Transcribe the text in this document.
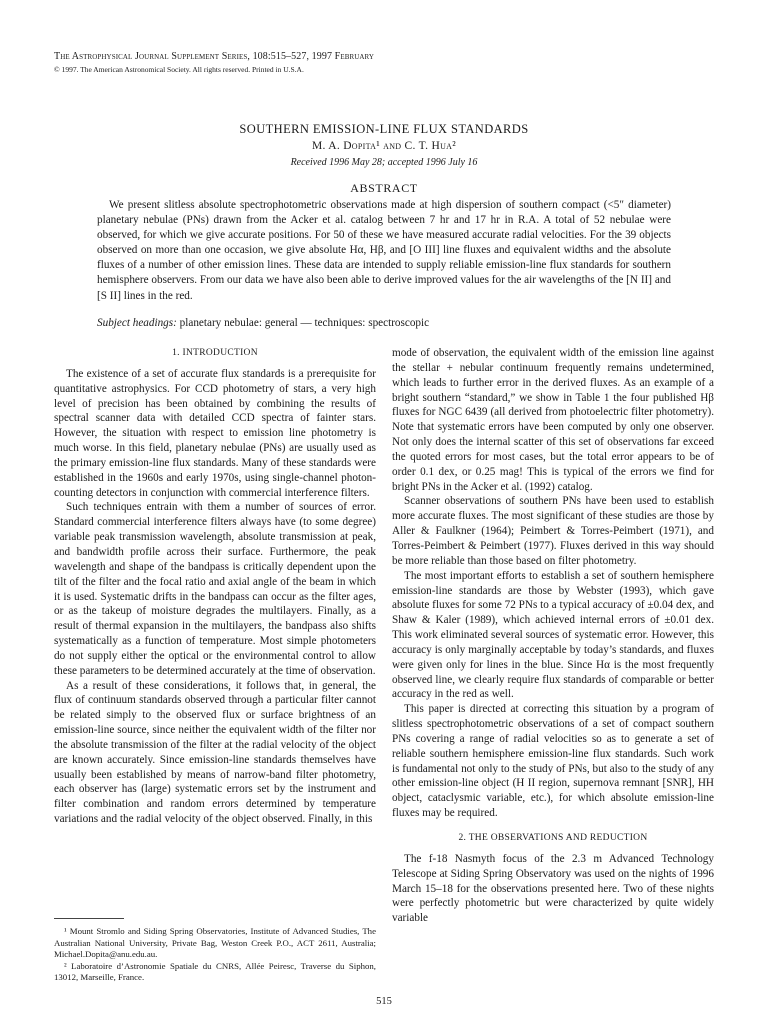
The Astrophysical Journal Supplement Series, 108:515–527, 1997 February
© 1997. The American Astronomical Society. All rights reserved. Printed in U.S.A.
SOUTHERN EMISSION-LINE FLUX STANDARDS
M. A. Dopita¹ and C. T. Hua²
Received 1996 May 28; accepted 1996 July 16
ABSTRACT

We present slitless absolute spectrophotometric observations made at high dispersion of southern compact (<5″ diameter) planetary nebulae (PNs) drawn from the Acker et al. catalog between 7 hr and 17 hr in R.A. A total of 52 nebulae were observed, for which we give accurate positions. For 50 of these we have measured accurate radial velocities. For the 39 objects observed on more than one occasion, we give absolute Hα, Hβ, and [O III] line fluxes and equivalent widths and the absolute fluxes of a number of other emission lines. These data are intended to supply reliable emission-line flux standards for southern hemisphere observers. From our data we have also been able to derive improved values for the air wavelengths of the [N II] and [S II] lines in the red.

Subject headings: planetary nebulae: general — techniques: spectroscopic
1. INTRODUCTION

The existence of a set of accurate flux standards is a prerequisite for quantitative astrophysics. For CCD photometry of stars, a very high level of precision has been obtained by combining the results of spectral scanner data with detailed CCD spectra of fainter stars. However, the situation with respect to emission line photometry is much worse. In this field, planetary nebulae (PNs) are usually used as the primary emission-line flux standards. Many of these standards were established in the 1960s and early 1970s, using single-channel photon-counting detectors in conjunction with commercial interference filters.

Such techniques entrain with them a number of sources of error. Standard commercial interference filters always have (to some degree) variable peak transmission wavelength, absolute transmission at peak, and bandwidth profile across their surface. Furthermore, the peak wavelength and shape of the bandpass is critically dependent upon the tilt of the filter and the focal ratio and axial angle of the beam in which it is used. Systematic drifts in the bandpass can occur as the filter ages, or as the takeup of moisture degrades the multilayers. Finally, as a result of thermal expansion in the multilayers, the bandpass also shifts systematically as a function of temperature. Most simple photometers do not supply either the optical or the environmental control to allow these parameters to be determined accurately at the time of observation.

As a result of these considerations, it follows that, in general, the flux of continuum standards observed through a particular filter cannot be related simply to the observed flux or surface brightness of an emission-line source, since neither the equivalent width of the filter nor the absolute transmission of the filter at the radial velocity of the object are known accurately. Since emission-line standards themselves have usually been established by means of narrow-band filter photometry, each observer has (large) systematic errors set by the instrument and filter combination and random errors determined by temperature variations and the radial velocity of the object observed. Finally, in this

¹ Mount Stromlo and Siding Spring Observatories, Institute of Advanced Studies, The Australian National University, Private Bag, Weston Creek P.O., ACT 2611, Australia; Michael.Dopita@anu.edu.au.

² Laboratoire d’Astronomie Spatiale du CNRS, Allée Peiresc, Traverse du Siphon, 13012, Marseille, France.

mode of observation, the equivalent width of the emission line against the stellar + nebular continuum frequently remains undetermined, which leads to further error in the derived fluxes. As an example of a bright southern “standard,” we show in Table 1 the four published Hβ fluxes for NGC 6439 (all derived from photoelectric filter photometry). Note that systematic errors have been computed by only one observer. Not only does the internal scatter of this set of observations far exceed the quoted errors for most cases, but the total error appears to be of order 0.1 dex, or 0.25 mag! This is typical of the errors we find for bright PNs in the Acker et al. (1992) catalog.

Scanner observations of southern PNs have been used to establish more accurate fluxes. The most significant of these studies are those by Aller & Faulkner (1964); Peimbert & Torres-Peimbert (1971), and Torres-Peimbert & Peimbert (1977). Fluxes derived in this way should be more reliable than those based on filter photometry.

The most important efforts to establish a set of southern hemisphere emission-line standards are those by Webster (1993), which gave absolute fluxes for some 72 PNs to a typical accuracy of ±0.04 dex, and Shaw & Kaler (1989), which achieved internal errors of ±0.01 dex. This work eliminated several sources of systematic error. However, this accuracy is only marginally acceptable by today’s standards, and fluxes were given only for lines in the blue. Since Hα is the most frequently observed line, we clearly require flux standards of comparable or better accuracy in the red as well.

This paper is directed at correcting this situation by a program of slitless spectrophotometric observations of a set of compact southern PNs covering a range of radial velocities so as to generate a set of reliable southern hemisphere emission-line flux standards. Such work is fundamental not only to the study of PNs, but also to the study of any other emission-line object (H II region, supernova remnant [SNR], HH object, cataclysmic variable, etc.), for which absolute emission-line fluxes may be required.

2. THE OBSERVATIONS AND REDUCTION

The f-18 Nasmyth focus of the 2.3 m Advanced Technology Telescope at Siding Spring Observatory was used on the nights of 1996 March 15–18 for the observations presented here. Two of these nights were perfectly photometric but were characterized by quite widely variable

515
